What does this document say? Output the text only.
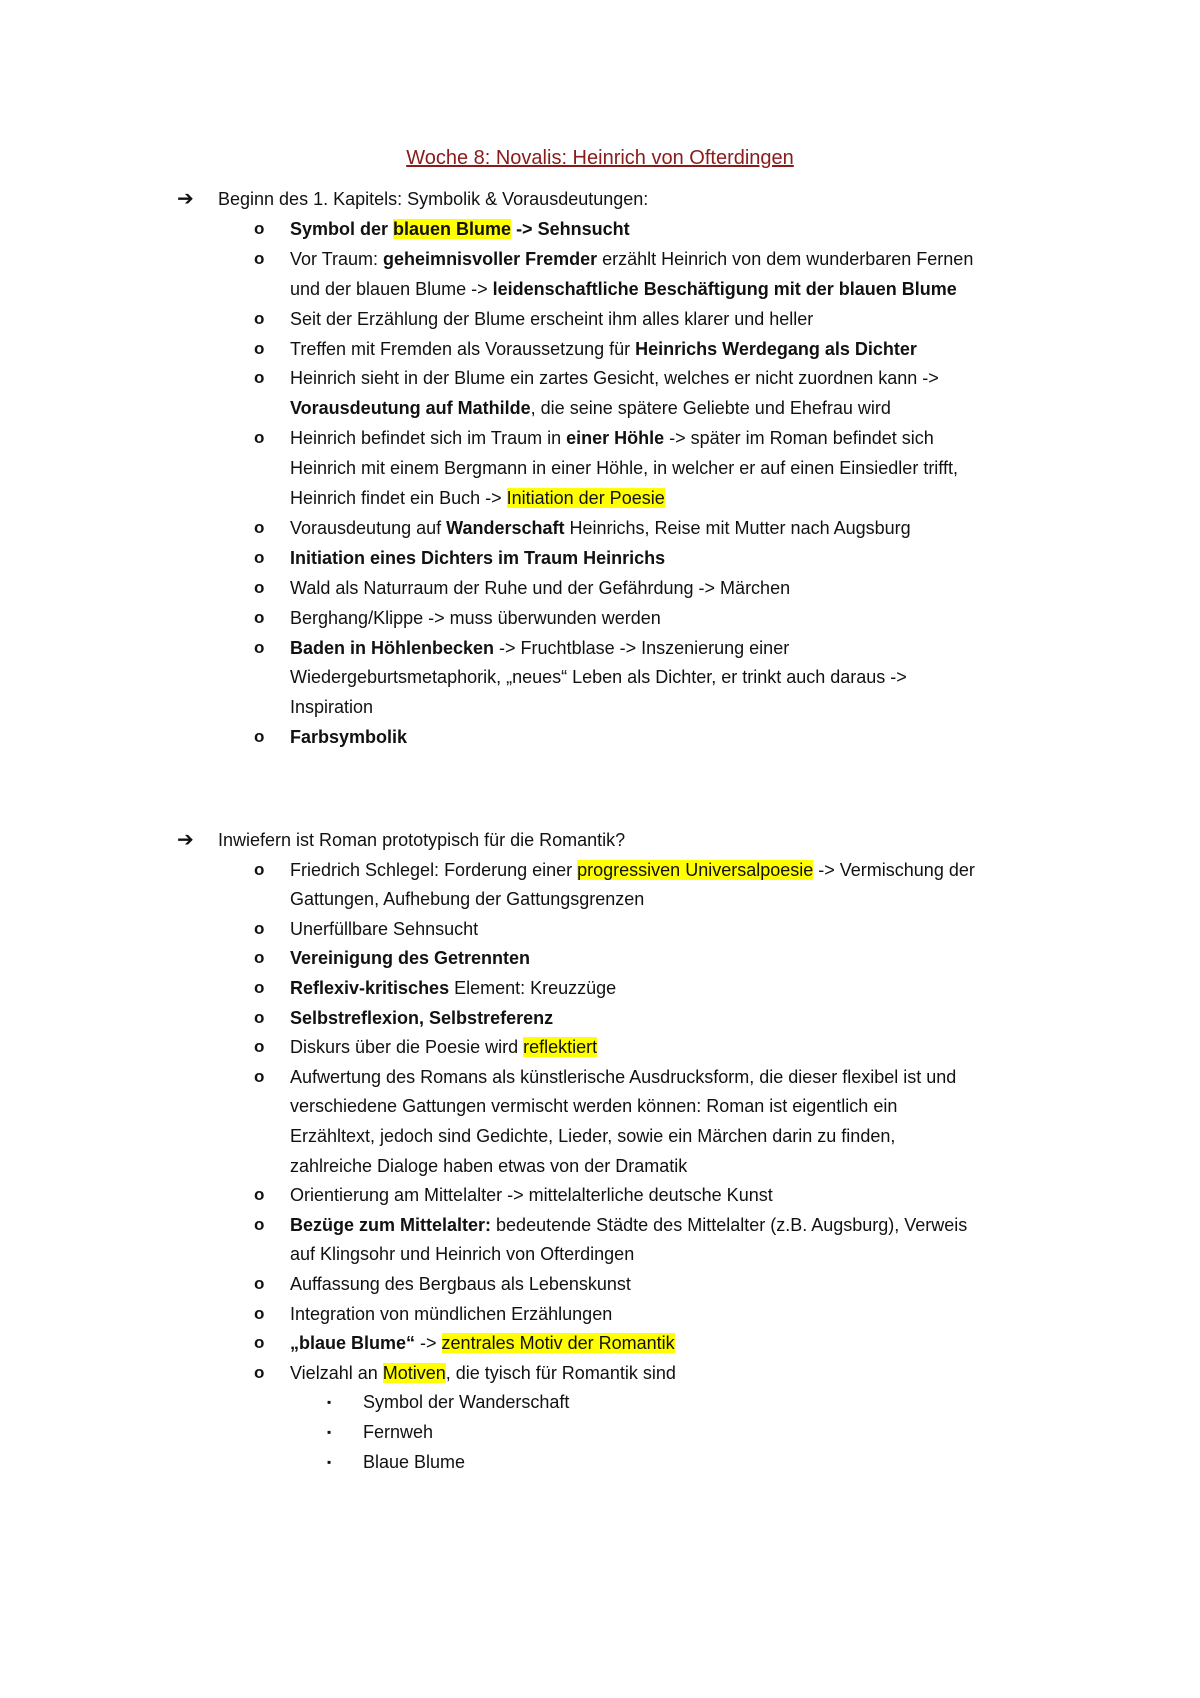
Woche 8: Novalis: Heinrich von Ofterdingen
➔ Beginn des 1. Kapitels: Symbolik & Vorausdeutungen:
o Symbol der blauen Blume -> Sehnsucht
o Vor Traum: geheimnisvoller Fremder erzählt Heinrich von dem wunderbaren Fernen
und der blauen Blume -> leidenschaftliche Beschäftigung mit der blauen Blume
o Seit der Erzählung der Blume erscheint ihm alles klarer und heller
o Treffen mit Fremden als Voraussetzung für Heinrichs Werdegang als Dichter
o Heinrich sieht in der Blume ein zartes Gesicht, welches er nicht zuordnen kann ->
Vorausdeutung auf Mathilde, die seine spätere Geliebte und Ehefrau wird
o Heinrich befindet sich im Traum in einer Höhle -> später im Roman befindet sich
Heinrich mit einem Bergmann in einer Höhle, in welcher er auf einen Einsiedler trifft,
Heinrich findet ein Buch -> Initiation der Poesie
o Vorausdeutung auf Wanderschaft Heinrichs, Reise mit Mutter nach Augsburg
o Initiation eines Dichters im Traum Heinrichs
o Wald als Naturraum der Ruhe und der Gefährdung -> Märchen
o Berghang/Klippe -> muss überwunden werden
o Baden in Höhlenbecken -> Fruchtblase -> Inszenierung einer
Wiedergeburtsmetaphorik, „neues“ Leben als Dichter, er trinkt auch daraus ->
Inspiration
o Farbsymbolik
➔ Inwiefern ist Roman prototypisch für die Romantik?
o Friedrich Schlegel: Forderung einer progressiven Universalpoesie -> Vermischung der
Gattungen, Aufhebung der Gattungsgrenzen
o Unerfüllbare Sehnsucht
o Vereinigung des Getrennten
o Reflexiv-kritisches Element: Kreuzzüge
o Selbstreflexion, Selbstreferenz
o Diskurs über die Poesie wird reflektiert
o Aufwertung des Romans als künstlerische Ausdrucksform, die dieser flexibel ist und
verschiedene Gattungen vermischt werden können: Roman ist eigentlich ein
Erzähltext, jedoch sind Gedichte, Lieder, sowie ein Märchen darin zu finden,
zahlreiche Dialoge haben etwas von der Dramatik
o Orientierung am Mittelalter -> mittelalterliche deutsche Kunst
o Bezüge zum Mittelalter: bedeutende Städte des Mittelalter (z.B. Augsburg), Verweis
auf Klingsohr und Heinrich von Ofterdingen
o Auffassung des Bergbaus als Lebenskunst
o Integration von mündlichen Erzählungen
o „blaue Blume“ -> zentrales Motiv der Romantik
o Vielzahl an Motiven, die tyisch für Romantik sind
▪ Symbol der Wanderschaft
▪ Fernweh
▪ Blaue Blume
